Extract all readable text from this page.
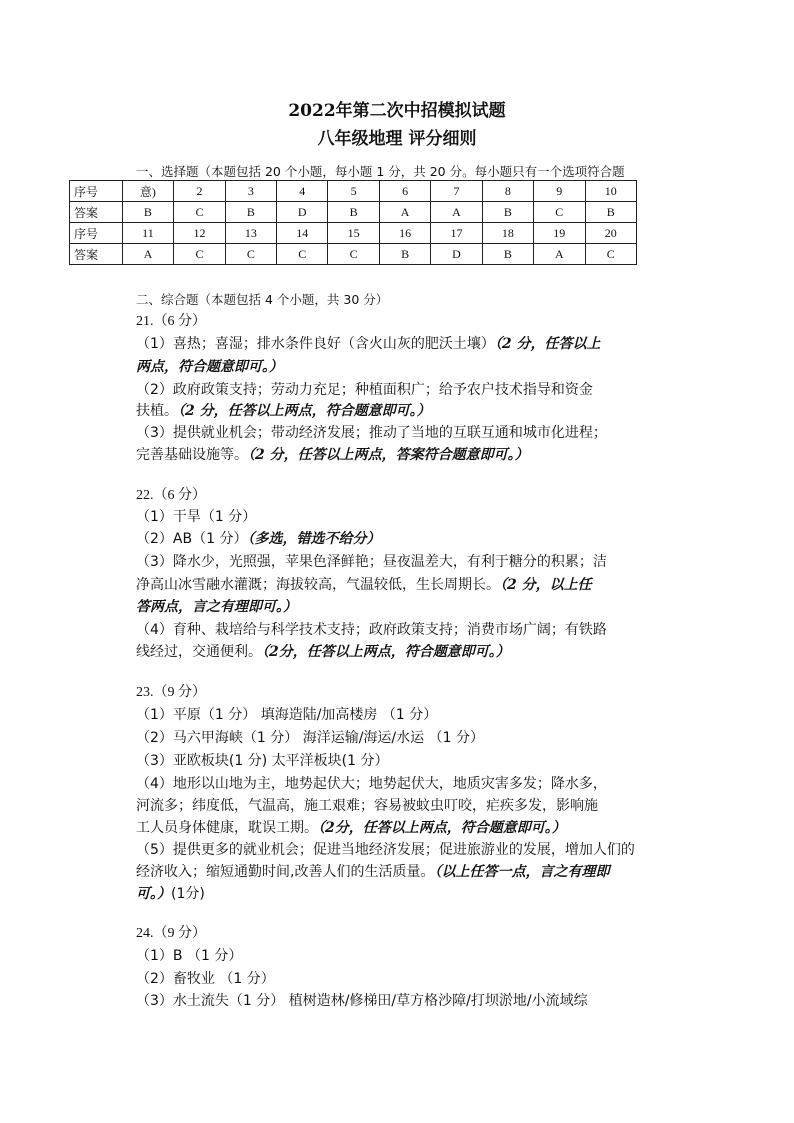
2022年第二次中招模拟试题
八年级地理 评分细则
一、选择题（本题包括 20 个小题，每小题 1 分，共 20 分。每小题只有一个选项符合题
序号	意)	2	3	4	5	6	7	8	9	10
答案	B	C	B	D	B	A	A	B	C	B
序号	11	12	13	14	15	16	17	18	19	20
答案	A	C	C	C	C	B	D	B	A	C
二、综合题（本题包括 4 个小题，共 30 分）
21.（6 分）
（1）喜热；喜湿；排水条件良好（含火山灰的肥沃土壤）（2 分，任答以上
两点，符合题意即可。）
（2）政府政策支持；劳动力充足；种植面积广；给予农户技术指导和资金
扶植。（2 分，任答以上两点，符合题意即可。）
（3）提供就业机会；带动经济发展；推动了当地的互联互通和城市化进程；
完善基础设施等。（2 分，任答以上两点，答案符合题意即可。）
22.（6 分）
（1）干旱（1 分）
（2）AB（1 分）（多选，错选不给分）
（3）降水少，光照强，苹果色泽鲜艳；昼夜温差大，有利于糖分的积累；洁
净高山冰雪融水灌溉；海拔较高，气温较低，生长周期长。（2 分，以上任
答两点，言之有理即可。）
（4）育种、栽培给与科学技术支持；政府政策支持；消费市场广阔；有铁路
线经过，交通便利。（2分，任答以上两点，符合题意即可。）
23.（9 分）
（1）平原（1 分） 填海造陆/加高楼房 （1 分）
（2）马六甲海峡（1 分） 海洋运输/海运/水运 （1 分）
（3）亚欧板块(1 分) 太平洋板块(1 分）
（4）地形以山地为主，地势起伏大；地势起伏大，地质灾害多发；降水多，
河流多；纬度低，气温高，施工艰难；容易被蚊虫叮咬，疟疾多发，影响施
工人员身体健康，耽误工期。（2分，任答以上两点，符合题意即可。）
（5）提供更多的就业机会；促进当地经济发展；促进旅游业的发展，增加人们的
经济收入；缩短通勤时间,改善人们的生活质量。（以上任答一点，言之有理即
可。）(1分)
24.（9 分）
（1）B （1 分）
（2）畜牧业 （1 分）
（3）水土流失（1 分） 植树造林/修梯田/草方格沙障/打坝淤地/小流域综
